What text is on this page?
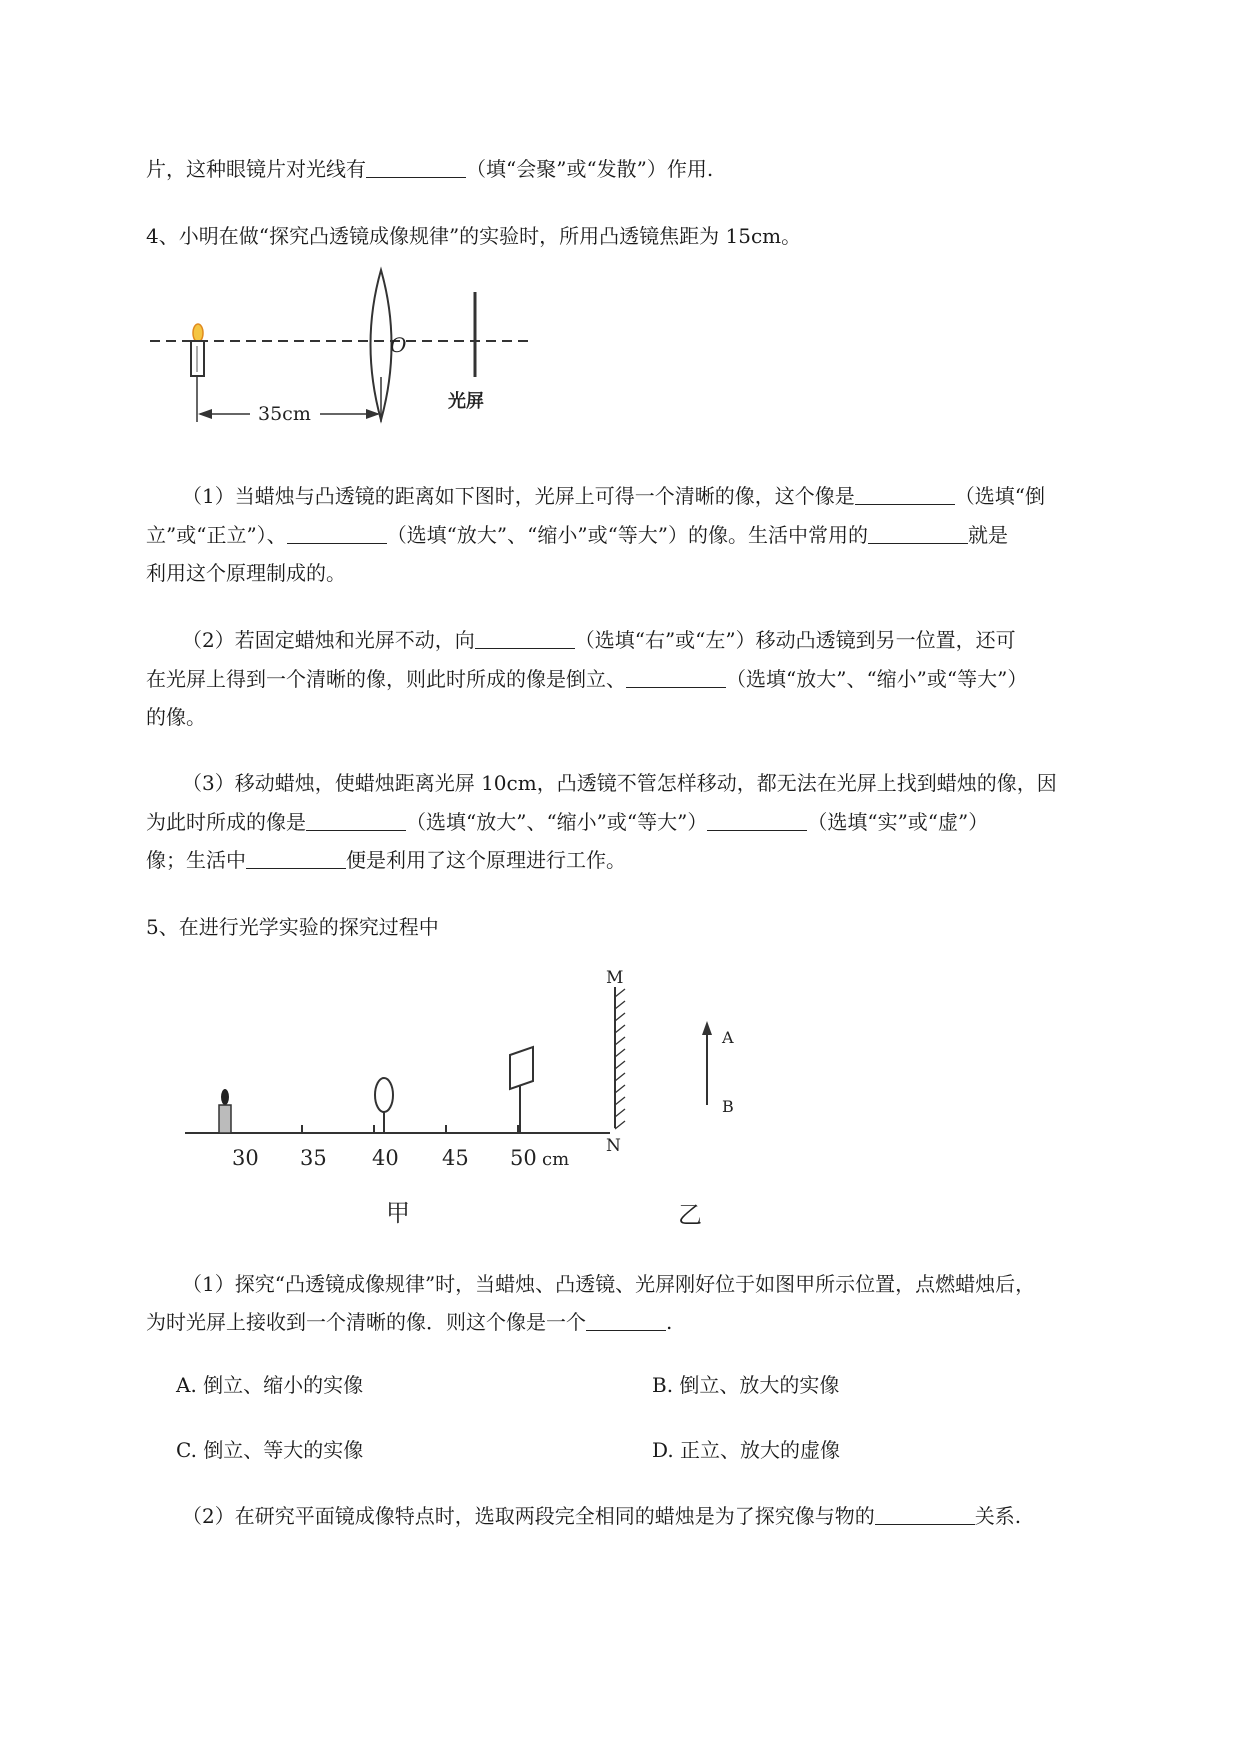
片，这种眼镜片对光线有	（填“会聚”或“发散”）作用.
4、小明在做“探究凸透镜成像规律”的实验时，所用凸透镜焦距为 15cm。
O
光屏
35cm
（1）当蜡烛与凸透镜的距离如下图时，光屏上可得一个清晰的像，这个像是	（选填“倒
立”或“正立”）、	（选填“放大”、“缩小”或“等大”）的像。生活中常用的	就是
利用这个原理制成的。
（2）若固定蜡烛和光屏不动，向	（选填“右”或“左”）移动凸透镜到另一位置，还可
在光屏上得到一个清晰的像，则此时所成的像是倒立、	（选填“放大”、“缩小”或“等大”）
的像。
（3）移动蜡烛，使蜡烛距离光屏 10cm，凸透镜不管怎样移动，都无法在光屏上找到蜡烛的像，因
为此时所成的像是	（选填“放大”、“缩小”或“等大”）	（选填“实”或“虚”）
像；生活中	便是利用了这个原理进行工作。
5、在进行光学实验的探究过程中
30 35 40 45 50 cm
M
N
A
B
甲	乙
（1）探究“凸透镜成像规律”时，当蜡烛、凸透镜、光屏刚好位于如图甲所示位置，点燃蜡烛后，
为时光屏上接收到一个清晰的像．则这个像是一个	.
A. 倒立、缩小的实像	B. 倒立、放大的实像
C. 倒立、等大的实像	D. 正立、放大的虚像
（2）在研究平面镜成像特点时，选取两段完全相同的蜡烛是为了探究像与物的	关系.
